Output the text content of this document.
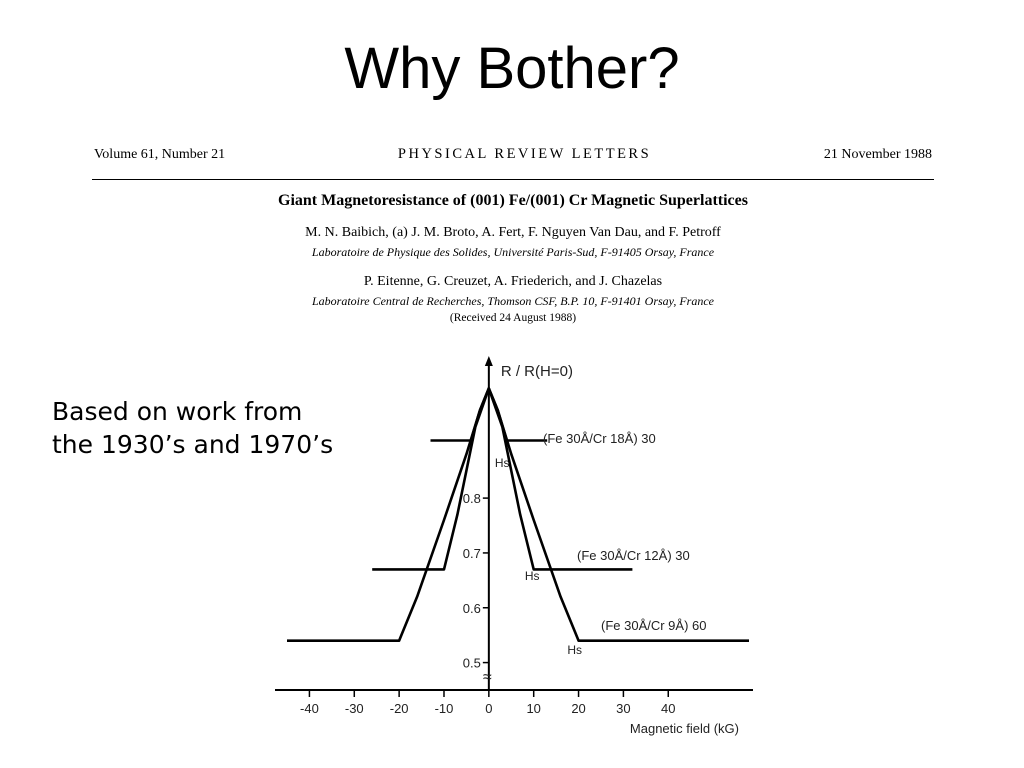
Why Bother?
Volume 61, Number 21	PHYSICAL REVIEW LETTERS	21 November 1988
Giant Magnetoresistance of (001) Fe/(001) Cr Magnetic Superlattices
M. N. Baibich, (a) J. M. Broto, A. Fert, F. Nguyen Van Dau, and F. Petroff
Laboratoire de Physique des Solides, Université Paris-Sud, F-91405 Orsay, France
P. Eitenne, G. Creuzet, A. Friederich, and J. Chazelas
Laboratoire Central de Recherches, Thomson CSF, B.P. 10, F-91401 Orsay, France
(Received 24 August 1988)
Based on work from
the 1930’s and 1970’s
R / R(H=0)
≈
-40 -30 -20 -10 0	10 20 30 40
0.5
0.6
0.7
0.8
Magnetic field (kG)
(Fe 30Å/Cr 18Å) 30
Hs
(Fe 30Å/Cr 12Å) 30
Hs
(Fe 30Å/Cr 9Å) 60
Hs
